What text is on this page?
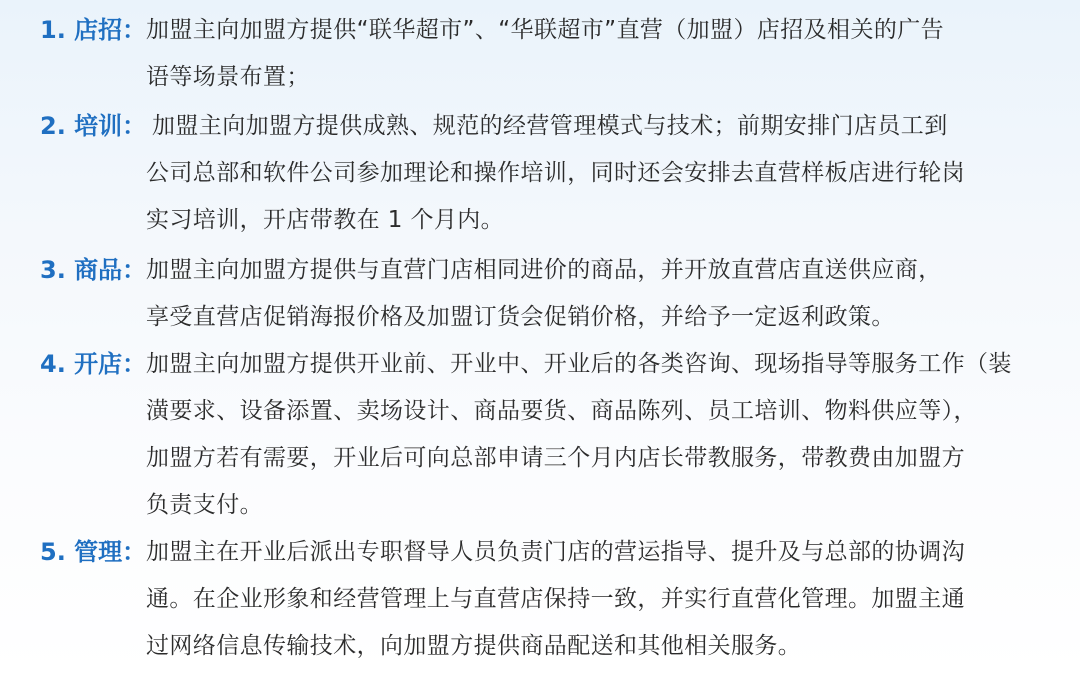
1. 店招： 加盟主向加盟方提供“联华超市”、“华联超市”直营（加盟）店招及相关的广告
语等场景布置；
2. 培训： 加盟主向加盟方提供成熟、规范的经营管理模式与技术；前期安排门店员工到
公司总部和软件公司参加理论和操作培训，同时还会安排去直营样板店进行轮岗
实习培训，开店带教在 1 个月内。
3. 商品： 加盟主向加盟方提供与直营门店相同进价的商品，并开放直营店直送供应商，
享受直营店促销海报价格及加盟订货会促销价格，并给予一定返利政策。
4. 开店： 加盟主向加盟方提供开业前、开业中、开业后的各类咨询、现场指导等服务工作（装
潢要求、设备添置、卖场设计、商品要货、商品陈列、员工培训、物料供应等），
加盟方若有需要，开业后可向总部申请三个月内店长带教服务，带教费由加盟方
负责支付。
5. 管理： 加盟主在开业后派出专职督导人员负责门店的营运指导、提升及与总部的协调沟
通。在企业形象和经营管理上与直营店保持一致，并实行直营化管理。加盟主通
过网络信息传输技术，向加盟方提供商品配送和其他相关服务。
